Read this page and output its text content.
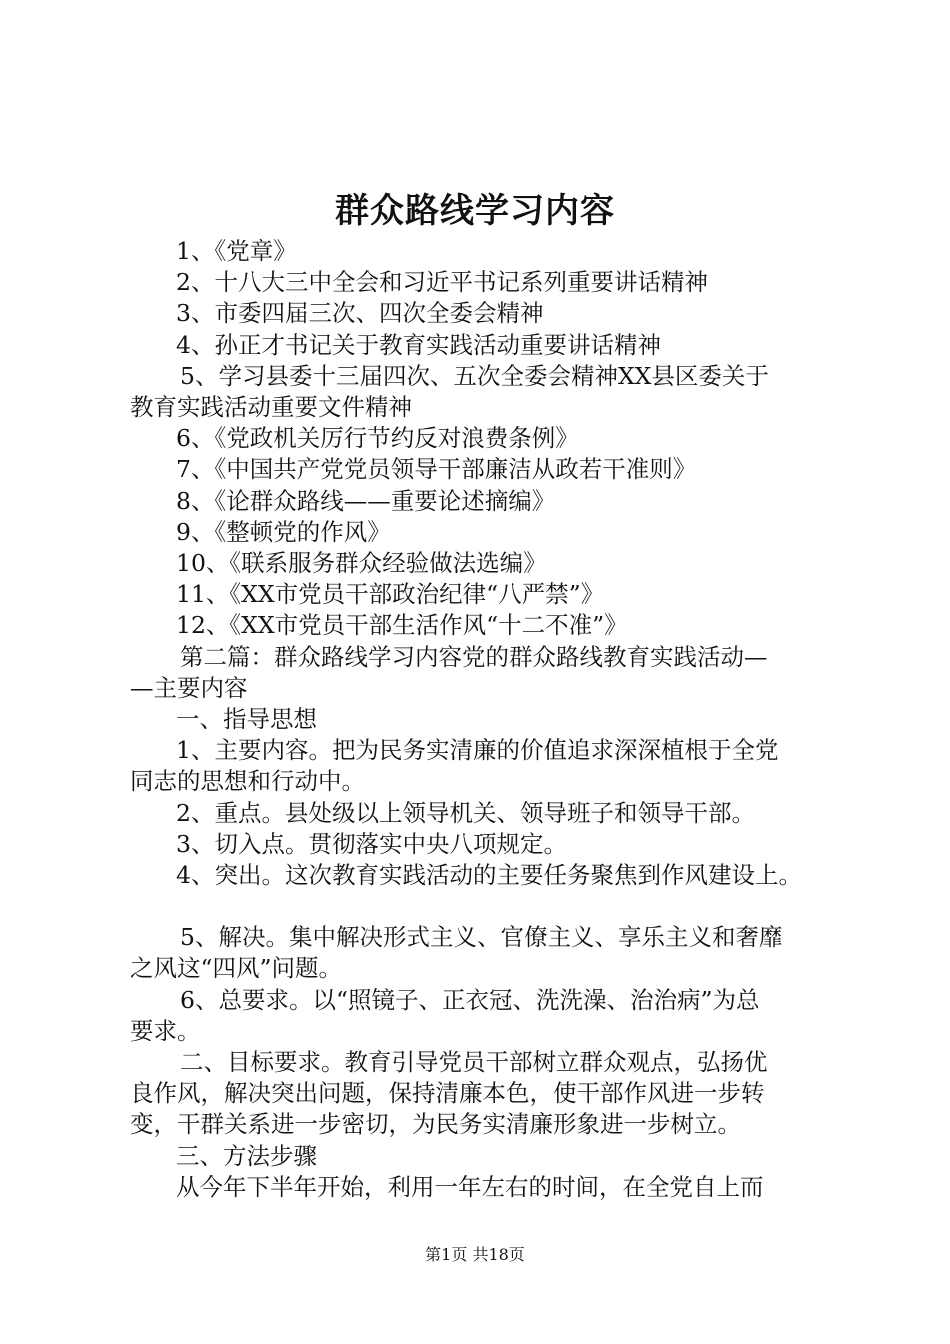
群众路线学习内容

1、《党章》

2、十八大三中全会和习近平书记系列重要讲话精神

3、市委四届三次、四次全委会精神

4、孙正才书记关于教育实践活动重要讲话精神

5、学习县委十三届四次、五次全委会精神XX县区委关于

教育实践活动重要文件精神

6、《党政机关厉行节约反对浪费条例》

7、《中国共产党党员领导干部廉洁从政若干准则》

8、《论群众路线——重要论述摘编》

9、《整顿党的作风》

10、《联系服务群众经验做法选编》

11、《XX市党员干部政治纪律“八严禁”》

12、《XX市党员干部生活作风“十二不准”》

第二篇：群众路线学习内容党的群众路线教育实践活动—

—主要内容

一、指导思想

1、主要内容。把为民务实清廉的价值追求深深植根于全党

同志的思想和行动中。

2、重点。县处级以上领导机关、领导班子和领导干部。

3、切入点。贯彻落实中央八项规定。

4、突出。这次教育实践活动的主要任务聚焦到作风建设上。

5、解决。集中解决形式主义、官僚主义、享乐主义和奢靡

之风这“四风”问题。

6、总要求。以“照镜子、正衣冠、洗洗澡、治治病”为总

要求。

二、目标要求。教育引导党员干部树立群众观点，弘扬优

良作风，解决突出问题，保持清廉本色，使干部作风进一步转

变，干群关系进一步密切，为民务实清廉形象进一步树立。

三、方法步骤

从今年下半年开始，利用一年左右的时间，在全党自上而

第1页 共18页
